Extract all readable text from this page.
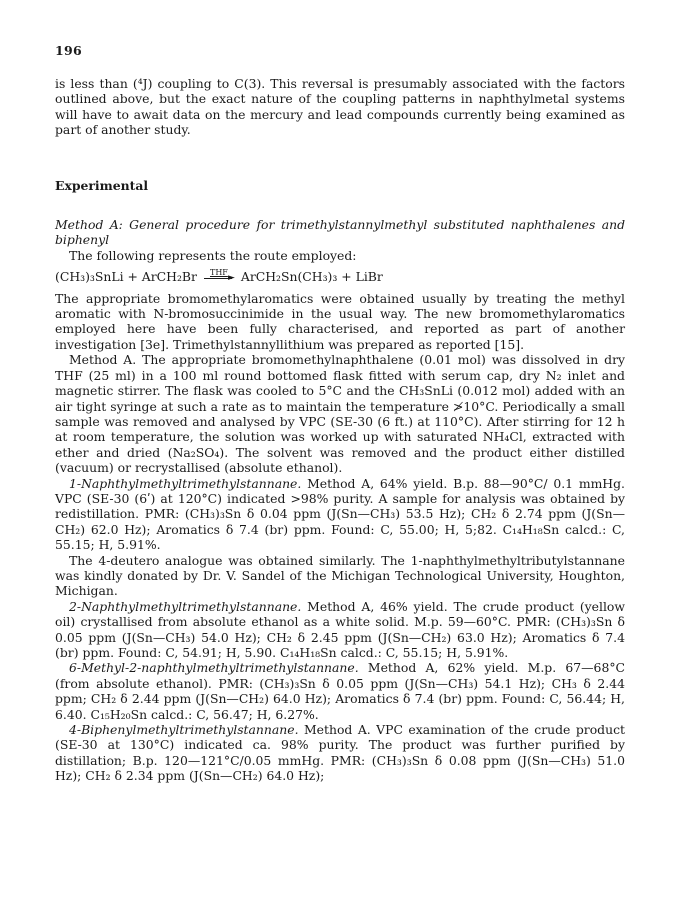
196

is less than (⁴J) coupling to C(3). This reversal is presumably associated with the factors outlined above, but the exact nature of the coupling patterns in naphthylmetal systems will have to await data on the mercury and lead compounds currently being examined as part of another study.

Experimental

Method A: General procedure for trimethylstannylmethyl substituted naphthalenes and biphenyl

The following represents the route employed:

(CH₃)₃SnLi + ArCH₂Br	THF
► ArCH₂Sn(CH₃)₃ + LiBr

The appropriate bromomethylaromatics were obtained usually by treating the methyl aromatic with N-bromosuccinimide in the usual way. The new bromomethylaromatics employed here have been fully characterised, and reported as part of another investigation [3e]. Trimethylstannyllithium was prepared as reported [15].

Method A. The appropriate bromomethylnaphthalene (0.01 mol) was dissolved in dry THF (25 ml) in a 100 ml round bottomed flask fitted with serum cap, dry N₂ inlet and magnetic stirrer. The flask was cooled to 5°C and the CH₃SnLi (0.012 mol) added with an air tight syringe at such a rate as to maintain the temperature ≯10°C. Periodically a small sample was removed and analysed by VPC (SE-30 (6 ft.) at 110°C). After stirring for 12 h at room temperature, the solution was worked up with saturated NH₄Cl, extracted with ether and dried (Na₂SO₄). The solvent was removed and the product either distilled (vacuum) or recrystallised (absolute ethanol).

1-Naphthylmethyltrimethylstannane. Method A, 64% yield. B.p. 88—90°C/ 0.1 mmHg. VPC (SE-30 (6ʹ) at 120°C) indicated >98% purity. A sample for analysis was obtained by redistillation. PMR: (CH₃)₃Sn δ 0.04 ppm (J(Sn—CH₃) 53.5 Hz); CH₂ δ 2.74 ppm (J(Sn—CH₂) 62.0 Hz); Aromatics δ 7.4 (br) ppm. Found: C, 55.00; H, 5;82. C₁₄H₁₈Sn calcd.: C, 55.15; H, 5.91%.

The 4-deutero analogue was obtained similarly. The 1-naphthylmethyltributylstannane was kindly donated by Dr. V. Sandel of the Michigan Technological University, Houghton, Michigan.

2-Naphthylmethyltrimethylstannane. Method A, 46% yield. The crude product (yellow oil) crystallised from absolute ethanol as a white solid. M.p. 59—60°C. PMR: (CH₃)₃Sn δ 0.05 ppm (J(Sn—CH₃) 54.0 Hz); CH₂ δ 2.45 ppm (J(Sn—CH₂) 63.0 Hz); Aromatics δ 7.4 (br) ppm. Found: C, 54.91; H, 5.90. C₁₄H₁₈Sn calcd.: C, 55.15; H, 5.91%.

6-Methyl-2-naphthylmethyltrimethylstannane. Method A, 62% yield. M.p. 67—68°C (from absolute ethanol). PMR: (CH₃)₃Sn δ 0.05 ppm (J(Sn—CH₃) 54.1 Hz); CH₃ δ 2.44 ppm; CH₂ δ 2.44 ppm (J(Sn—CH₂) 64.0 Hz); Aromatics δ 7.4 (br) ppm. Found: C, 56.44; H, 6.40. C₁₅H₂₀Sn calcd.: C, 56.47; H, 6.27%.

4-Biphenylmethyltrimethylstannane. Method A. VPC examination of the crude product (SE-30 at 130°C) indicated ca. 98% purity. The product was further purified by distillation; B.p. 120—121°C/0.05 mmHg. PMR: (CH₃)₃Sn δ 0.08 ppm (J(Sn—CH₃) 51.0 Hz); CH₂ δ 2.34 ppm (J(Sn—CH₂) 64.0 Hz);
